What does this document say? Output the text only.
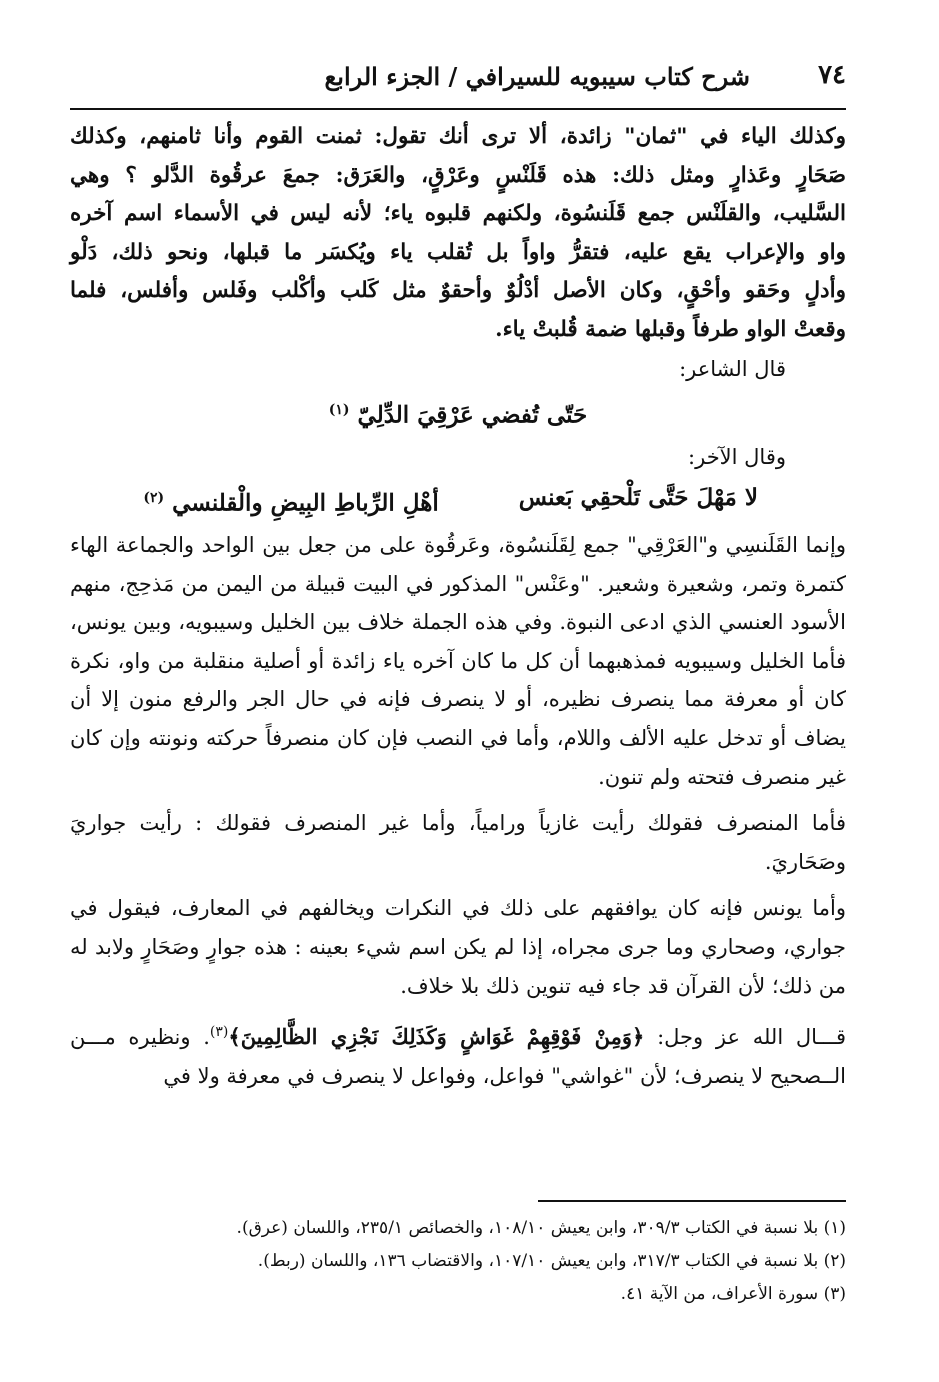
شرح كتاب سيبويه للسيرافي / الجزء الرابع	٧٤

وكذلك الياء في "ثمان" زائدة، ألا ترى أنك تقول: ثمنت القوم وأنا ثامنهم، وكذلك
صَحَارٍ وعَذارٍ ومثل ذلك: هذه قَلَنْسٍ وعَرْقٍ، والعَرَق: جمعَ عرقُوة الدَّلو ؟ وهي
السَّليب، والقلَنْس جمع قَلَنسُوة، ولكنهم قلبوه ياء؛ لأنه ليس في الأسماء اسم آخره
واو والإعراب يقع عليه، فتقرُّ واواً بل تُقلب ياء ويُكسَر ما قبلها، ونحو ذلك، دَلْو
وأدلٍ وحَقو وأحْقٍ، وكان الأصل أدْلُوٌ وأحقوٌ مثل كَلب وأكْلب وفَلس وأفلس، فلما
وقعتْ الواو طرفاً وقبلها ضمة قُلبتْ ياء.

قال الشاعر:

حَتّى تُفضي عَرْقِيَ الدِّلِيّ $^{(١)}$

وقال الآخر:

لا مَهْلَ حَتَّى تَلْحقِي بَعنس
أهْلِ الرِّباطِ البِيضِ والْقلنسي $^{(٢)}$

وإنما القَلَنسِي و"العَرْقِي" جمع لِقَلَنسُوة، وعَرقُوة على من جعل بين الواحد والجماعة الهاء كتمرة وتمر، وشعيرة وشعير. "وعَنْس" المذكور في البيت قبيلة من اليمن من مَذحِج، منهم الأسود العنسي الذي ادعى النبوة. وفي هذه الجملة خلاف بين الخليل وسيبويه، وبين يونس، فأما الخليل وسيبويه فمذهبهما أن كل ما كان آخره ياء زائدة أو أصلية منقلبة من واو، نكرة كان أو معرفة مما ينصرف نظيره، أو لا ينصرف فإنه في حال الجر والرفع منون إلا أن يضاف أو تدخل عليه الألف واللام، وأما في النصب فإن كان منصرفاً حركته ونونته وإن كان غير منصرف فتحته ولم تنون.

فأما المنصرف فقولك رأيت غازياً ورامياً، وأما غير المنصرف فقولك : رأيت جواريَ وصَحَاريَ.

وأما يونس فإنه كان يوافقهم على ذلك في النكرات ويخالفهم في المعارف، فيقول في جواري، وصحاري وما جرى مجراه، إذا لم يكن اسم شيء بعينه : هذه جوارٍ وصَحَارٍ ولابد له من ذلك؛ لأن القرآن قد جاء فيه تنوين ذلك بلا خلاف.

قـــال الله عز وجل: ﴿وَمِنْ فَوْقِهِمْ غَوَاشٍ وَكَذَلِكَ نَجْزِي الظَّالِمِينَ﴾$^{(٣)}$. ونظيره مـــن الــصحيح لا ينصرف؛ لأن "غواشي" فواعل، وفواعل لا ينصرف في معرفة ولا في

(١) بلا نسبة في الكتاب ٣٠٩/٣، وابن يعيش ١٠٨/١٠، والخصائص ٢٣٥/١، واللسان (عرق).
(٢) بلا نسبة في الكتاب ٣١٧/٣، وابن يعيش ١٠٧/١٠، والاقتضاب ١٣٦، واللسان (ربط).
(٣) سورة الأعراف، من الآية ٤١.
